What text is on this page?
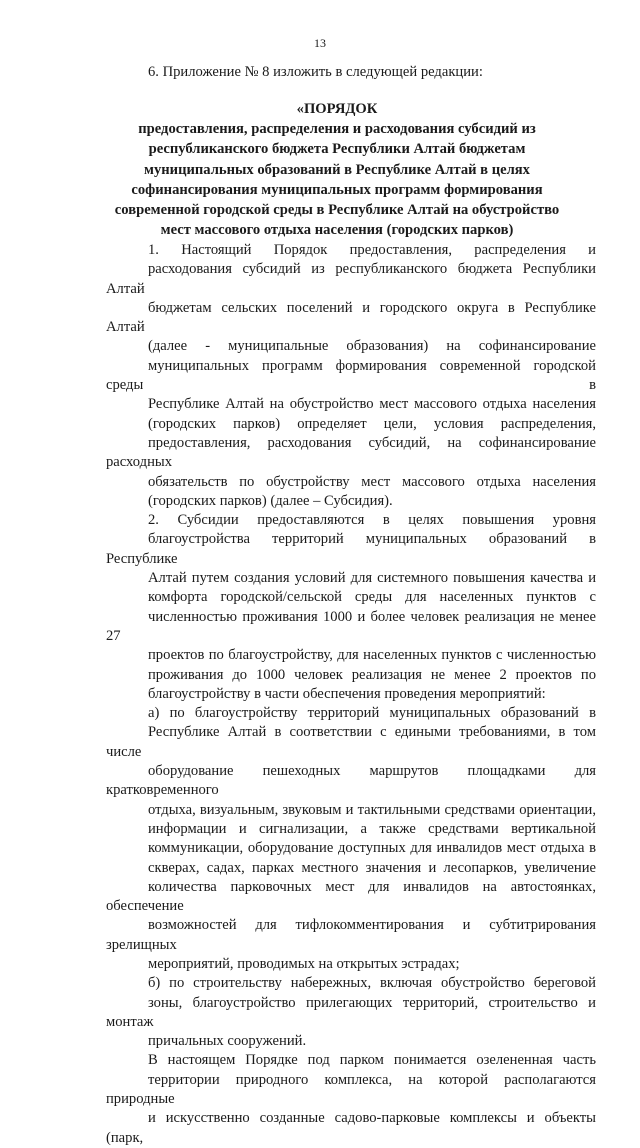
13
6. Приложение № 8 изложить в следующей редакции:
«ПОРЯДОК
предоставления, распределения и расходования субсидий из
республиканского бюджета Республики Алтай бюджетам
муниципальных образований в Республике Алтай в целях
софинансирования муниципальных программ формирования
современной городской среды в Республике Алтай на обустройство
мест массового отдыха населения (городских парков)

1. Настоящий Порядок предоставления, распределения и
расходования субсидий из республиканского бюджета Республики Алтай
бюджетам сельских поселений и городского округа в Республике Алтай
(далее - муниципальные образования) на софинансирование
муниципальных программ формирования современной городской среды в
Республике Алтай на обустройство мест массового отдыха населения
(городских парков) определяет цели, условия распределения,
предоставления, расходования субсидий, на софинансирование расходных
обязательств по обустройству мест массового отдыха населения
(городских парков) (далее – Субсидия).

2. Субсидии предоставляются в целях повышения уровня
благоустройства территорий муниципальных образований в Республике
Алтай путем создания условий для системного повышения качества и
комфорта городской/сельской среды для населенных пунктов с
численностью проживания 1000 и более человек реализация не менее 27
проектов по благоустройству, для населенных пунктов с численностью
проживания до 1000 человек реализация не менее 2 проектов по
благоустройству в части обеспечения проведения мероприятий:

а) по благоустройству территорий муниципальных образований в
Республике Алтай в соответствии с едиными требованиями, в том числе
оборудование пешеходных маршрутов площадками для кратковременного
отдыха, визуальным, звуковым и тактильными средствами ориентации,
информации и сигнализации, а также средствами вертикальной
коммуникации, оборудование доступных для инвалидов мест отдыха в
скверах, садах, парках местного значения и лесопарков, увеличение
количества парковочных мест для инвалидов на автостоянках, обеспечение
возможностей для тифлокомментирования и субтитрирования зрелищных
мероприятий, проводимых на открытых эстрадах;

б) по строительству набережных, включая обустройство береговой
зоны, благоустройство прилегающих территорий, строительство и монтаж
причальных сооружений.

В настоящем Порядке под парком понимается озелененная часть
территории природного комплекса, на которой располагаются природные
и искусственно созданные садово-парковые комплексы и объекты (парк,
